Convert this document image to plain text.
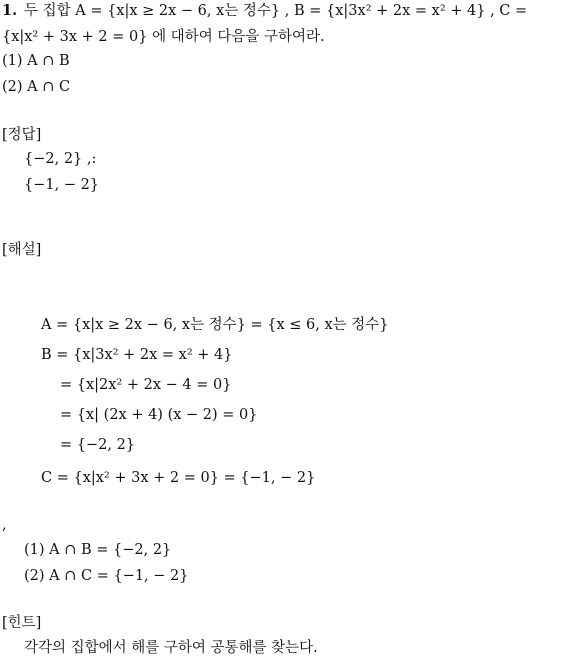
1. 두 집합 A = {x|x ≥ 2x − 6, x는 정수} , B = {x|3x² + 2x = x² + 4} , C =
{x|x² + 3x + 2 = 0} 에 대하여 다음을 구하여라.
(1) A ∩ B
(2) A ∩ C
[정답]
{−2, 2} ,:
{−1, − 2}
[해설]
A = {x|x ≥ 2x − 6, x는 정수} = {x ≤ 6, x는 정수}
B = {x|3x² + 2x = x² + 4}
= {x|2x² + 2x − 4 = 0}
= {x| (2x + 4) (x − 2) = 0}
= {−2, 2}
C = {x|x² + 3x + 2 = 0} = {−1, − 2}
,
(1) A ∩ B = {−2, 2}
(2) A ∩ C = {−1, − 2}
[힌트]
각각의 집합에서 해를 구하여 공통해를 찾는다.
